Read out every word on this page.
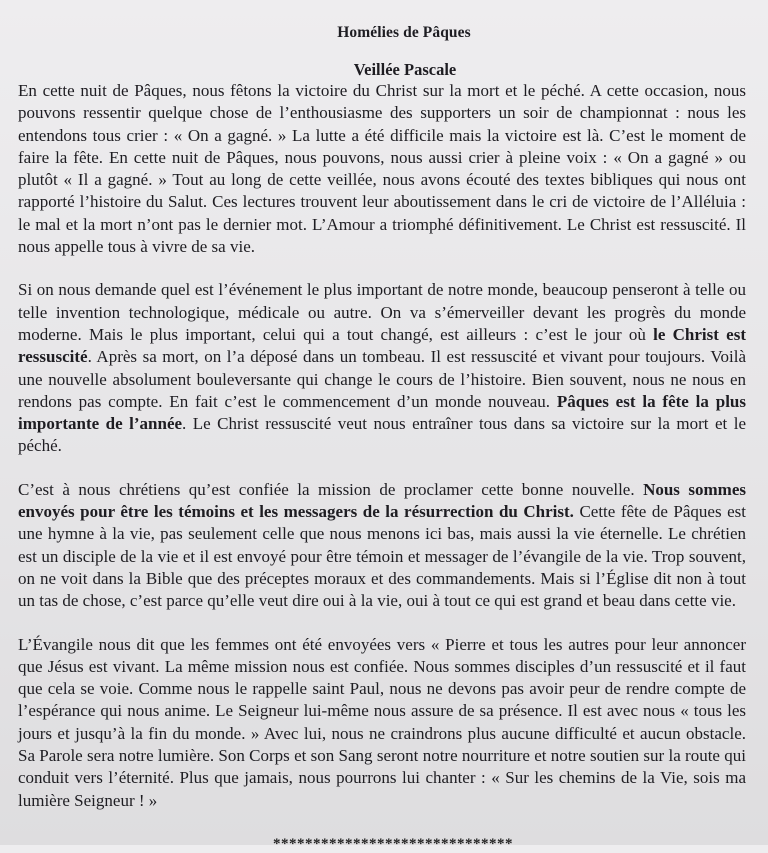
Homélies de Pâques
Veillée Pascale

En cette nuit de Pâques, nous fêtons la victoire du Christ sur la mort et le péché. A cette occasion, nous pouvons ressentir quelque chose de l’enthousiasme des supporters un soir de championnat : nous les entendons tous crier : « On a gagné. » La lutte a été difficile mais la victoire est là. C’est le moment de faire la fête. En cette nuit de Pâques, nous pouvons, nous aussi crier à pleine voix : « On a gagné » ou plutôt « Il a gagné. » Tout au long de cette veillée, nous avons écouté des textes bibliques qui nous ont rapporté l’histoire du Salut. Ces lectures trouvent leur aboutissement dans le cri de victoire de l’Alléluia : le mal et la mort n’ont pas le dernier mot. L’Amour a triomphé définitivement. Le Christ est ressuscité. Il nous appelle tous à vivre de sa vie.

Si on nous demande quel est l’événement le plus important de notre monde, beaucoup penseront à telle ou telle invention technologique, médicale ou autre. On va s’émerveiller devant les progrès du monde moderne. Mais le plus important, celui qui a tout changé, est ailleurs : c’est le jour où le Christ est ressuscité. Après sa mort, on l’a déposé dans un tombeau. Il est ressuscité et vivant pour toujours. Voilà une nouvelle absolument bouleversante qui change le cours de l’histoire. Bien souvent, nous ne nous en rendons pas compte. En fait c’est le commencement d’un monde nouveau. Pâques est la fête la plus importante de l’année. Le Christ ressuscité veut nous entraîner tous dans sa victoire sur la mort et le péché.

C’est à nous chrétiens qu’est confiée la mission de proclamer cette bonne nouvelle. Nous sommes envoyés pour être les témoins et les messagers de la résurrection du Christ. Cette fête de Pâques est une hymne à la vie, pas seulement celle que nous menons ici bas, mais aussi la vie éternelle. Le chrétien est un disciple de la vie et il est envoyé pour être témoin et messager de l’évangile de la vie. Trop souvent, on ne voit dans la Bible que des préceptes moraux et des commandements. Mais si l’Église dit non à tout un tas de chose, c’est parce qu’elle veut dire oui à la vie, oui à tout ce qui est grand et beau dans cette vie.

L’Évangile nous dit que les femmes ont été envoyées vers « Pierre et tous les autres pour leur annoncer que Jésus est vivant. La même mission nous est confiée. Nous sommes disciples d’un ressuscité et il faut que cela se voie. Comme nous le rappelle saint Paul, nous ne devons pas avoir peur de rendre compte de l’espérance qui nous anime. Le Seigneur lui-même nous assure de sa présence. Il est avec nous « tous les jours et jusqu’à la fin du monde. » Avec lui, nous ne craindrons plus aucune difficulté et aucun obstacle. Sa Parole sera notre lumière. Son Corps et son Sang seront notre nourriture et notre soutien sur la route qui conduit vers l’éternité. Plus que jamais, nous pourrons lui chanter : « Sur les chemins de la Vie, sois ma lumière Seigneur ! »

******************************
